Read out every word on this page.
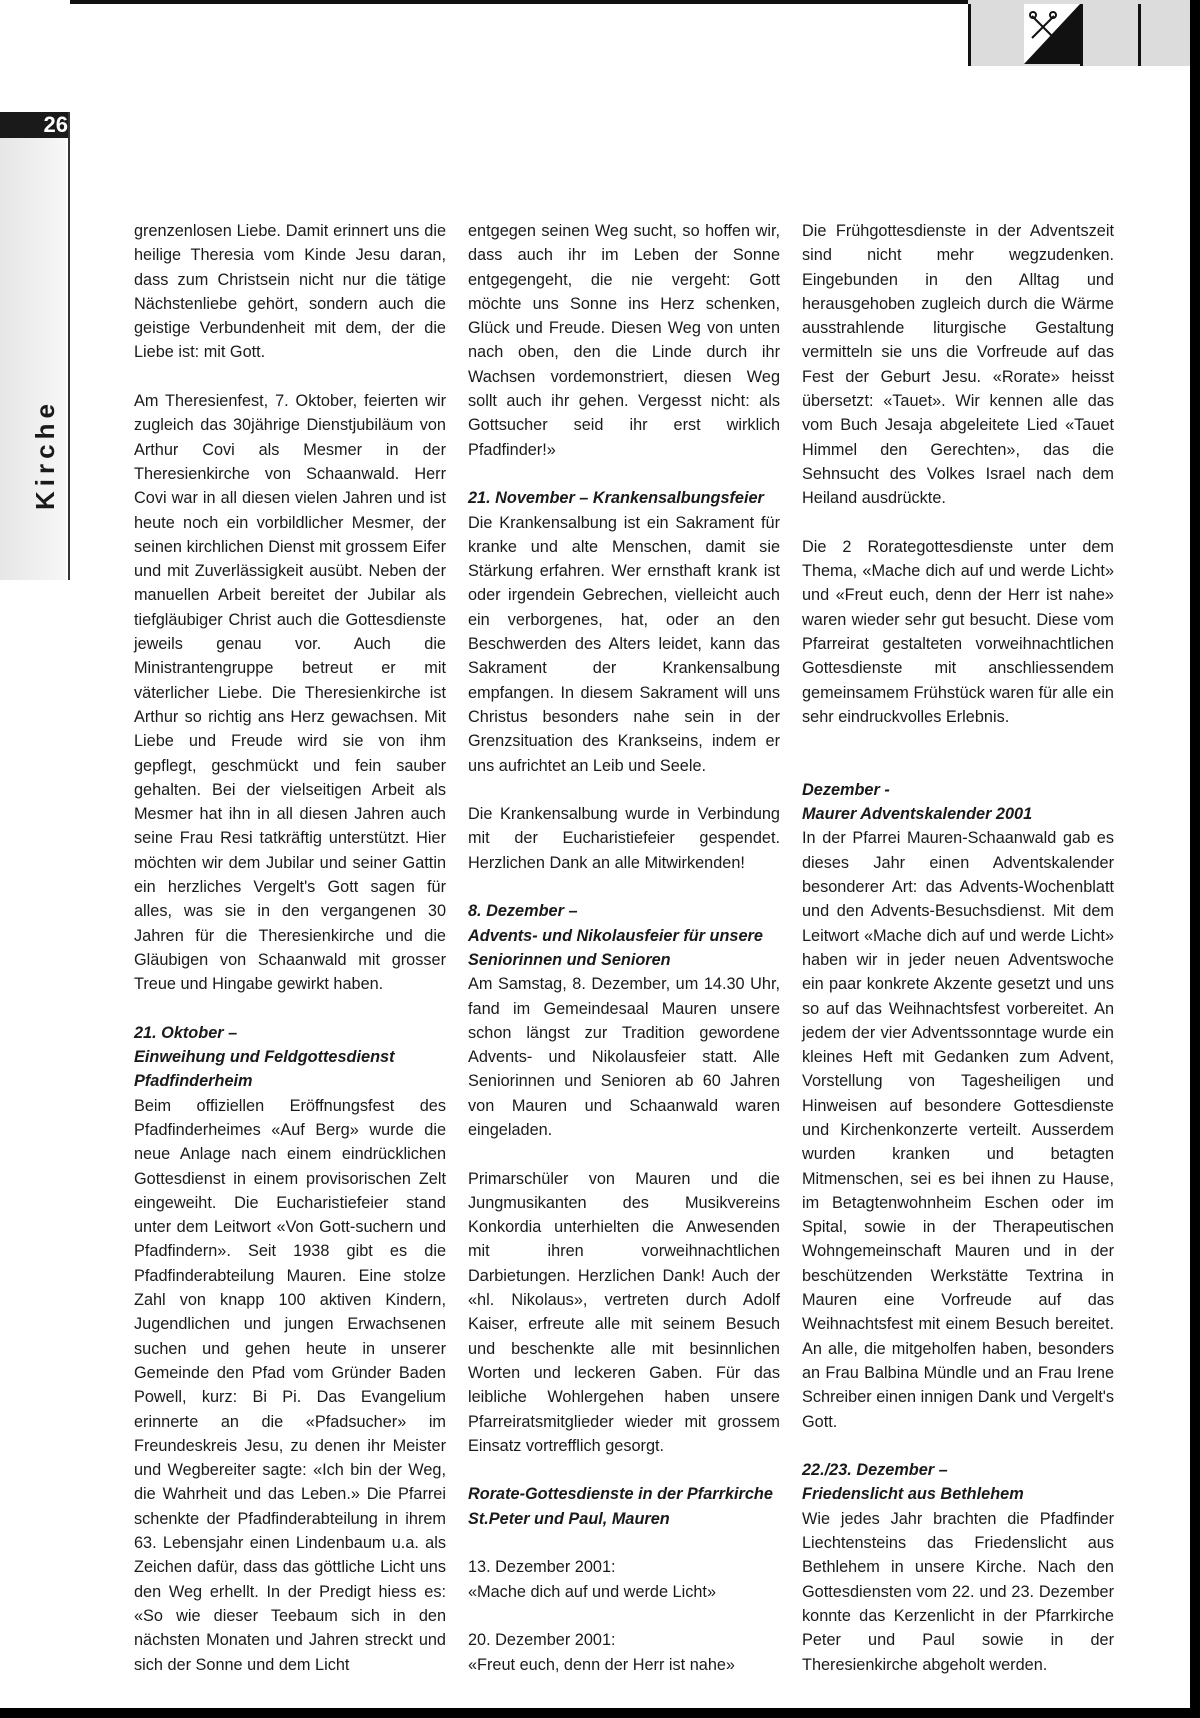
26
Kirche

grenzenlosen Liebe. Damit erinnert uns die heilige Theresia vom Kinde Jesu daran, dass zum Christsein nicht nur die tätige Nächstenliebe gehört, sondern auch die geistige Verbundenheit mit dem, der die Liebe ist: mit Gott.

Am Theresienfest, 7. Oktober, feierten wir zugleich das 30jährige Dienstjubiläum von Arthur Covi als Mesmer in der Theresienkirche von Schaanwald. Herr Covi war in all diesen vielen Jahren und ist heute noch ein vorbildlicher Mesmer, der seinen kirchlichen Dienst mit grossem Eifer und mit Zuverlässigkeit ausübt. Neben der manuellen Arbeit bereitet der Jubilar als tiefgläubiger Christ auch die Gottesdienste jeweils genau vor. Auch die Ministrantengruppe betreut er mit väterlicher Liebe. Die Theresienkirche ist Arthur so richtig ans Herz gewachsen. Mit Liebe und Freude wird sie von ihm gepflegt, geschmückt und fein sauber gehalten. Bei der vielseitigen Arbeit als Mesmer hat ihn in all diesen Jahren auch seine Frau Resi tatkräftig unterstützt. Hier möchten wir dem Jubilar und seiner Gattin ein herzliches Vergelt's Gott sagen für alles, was sie in den vergangenen 30 Jahren für die Theresienkirche und die Gläubigen von Schaanwald mit grosser Treue und Hingabe gewirkt haben.

21. Oktober –
Einweihung und Feldgottesdienst Pfadfinderheim

Beim offiziellen Eröffnungsfest des Pfadfinderheimes «Auf Berg» wurde die neue Anlage nach einem eindrücklichen Gottesdienst in einem provisorischen Zelt eingeweiht. Die Eucharistiefeier stand unter dem Leitwort «Von Gott-suchern und Pfadfindern». Seit 1938 gibt es die Pfadfinderabteilung Mauren. Eine stolze Zahl von knapp 100 aktiven Kindern, Jugendlichen und jungen Erwachsenen suchen und gehen heute in unserer Gemeinde den Pfad vom Gründer Baden Powell, kurz: Bi Pi. Das Evangelium erinnerte an die «Pfadsucher» im Freundeskreis Jesu, zu denen ihr Meister und Wegbereiter sagte: «Ich bin der Weg, die Wahrheit und das Leben.» Die Pfarrei schenkte der Pfadfinderabteilung in ihrem 63. Lebensjahr einen Lindenbaum u.a. als Zeichen dafür, dass das göttliche Licht uns den Weg erhellt. In der Predigt hiess es: «So wie dieser Teebaum sich in den nächsten Monaten und Jahren streckt und sich der Sonne und dem Licht

entgegen seinen Weg sucht, so hoffen wir, dass auch ihr im Leben der Sonne entgegengeht, die nie vergeht: Gott möchte uns Sonne ins Herz schenken, Glück und Freude. Diesen Weg von unten nach oben, den die Linde durch ihr Wachsen vordemonstriert, diesen Weg sollt auch ihr gehen. Vergesst nicht: als Gottsucher seid ihr erst wirklich Pfadfinder!»

21. November – Krankensalbungsfeier

Die Krankensalbung ist ein Sakrament für kranke und alte Menschen, damit sie Stärkung erfahren. Wer ernsthaft krank ist oder irgendein Gebrechen, vielleicht auch ein verborgenes, hat, oder an den Beschwerden des Alters leidet, kann das Sakrament der Krankensalbung empfangen. In diesem Sakrament will uns Christus besonders nahe sein in der Grenzsituation des Krankseins, indem er uns aufrichtet an Leib und Seele.

Die Krankensalbung wurde in Verbindung mit der Eucharistiefeier gespendet. Herzlichen Dank an alle Mitwirkenden!

8. Dezember –
Advents- und Nikolausfeier für unsere Seniorinnen und Senioren

Am Samstag, 8. Dezember, um 14.30 Uhr, fand im Gemeindesaal Mauren unsere schon längst zur Tradition gewordene Advents- und Nikolausfeier statt. Alle Seniorinnen und Senioren ab 60 Jahren von Mauren und Schaanwald waren eingeladen.

Primarschüler von Mauren und die Jungmusikanten des Musikvereins Konkordia unterhielten die Anwesenden mit ihren vorweihnachtlichen Darbietungen. Herzlichen Dank! Auch der «hl. Nikolaus», vertreten durch Adolf Kaiser, erfreute alle mit seinem Besuch und beschenkte alle mit besinnlichen Worten und leckeren Gaben. Für das leibliche Wohlergehen haben unsere Pfarreiratsmitglieder wieder mit grossem Einsatz vortrefflich gesorgt.

Rorate-Gottesdienste in der Pfarrkirche St.Peter und Paul, Mauren

13. Dezember 2001:

«Mache dich auf und werde Licht»

20. Dezember 2001:

«Freut euch, denn der Herr ist nahe»

Die Frühgottesdienste in der Adventszeit sind nicht mehr wegzudenken. Eingebunden in den Alltag und herausgehoben zugleich durch die Wärme ausstrahlende liturgische Gestaltung vermitteln sie uns die Vorfreude auf das Fest der Geburt Jesu. «Rorate» heisst übersetzt: «Tauet». Wir kennen alle das vom Buch Jesaja abgeleitete Lied «Tauet Himmel den Gerechten», das die Sehnsucht des Volkes Israel nach dem Heiland ausdrückte.

Die 2 Rorategottesdienste unter dem Thema, «Mache dich auf und werde Licht» und «Freut euch, denn der Herr ist nahe» waren wieder sehr gut besucht. Diese vom Pfarreirat gestalteten vorweihnachtlichen Gottesdienste mit anschliessendem gemeinsamem Frühstück waren für alle ein sehr eindruckvolles Erlebnis.

Dezember -
Maurer Adventskalender 2001

In der Pfarrei Mauren-Schaanwald gab es dieses Jahr einen Adventskalender besonderer Art: das Advents-Wochenblatt und den Advents-Besuchsdienst. Mit dem Leitwort «Mache dich auf und werde Licht» haben wir in jeder neuen Adventswoche ein paar konkrete Akzente gesetzt und uns so auf das Weihnachtsfest vorbereitet. An jedem der vier Adventssonntage wurde ein kleines Heft mit Gedanken zum Advent, Vorstellung von Tagesheiligen und Hinweisen auf besondere Gottesdienste und Kirchenkonzerte verteilt. Ausserdem wurden kranken und betagten Mitmenschen, sei es bei ihnen zu Hause, im Betagtenwohnheim Eschen oder im Spital, sowie in der Therapeutischen Wohngemeinschaft Mauren und in der beschützenden Werkstätte Textrina in Mauren eine Vorfreude auf das Weihnachtsfest mit einem Besuch bereitet. An alle, die mitgeholfen haben, besonders an Frau Balbina Mündle und an Frau Irene Schreiber einen innigen Dank und Vergelt's Gott.

22./23. Dezember –
Friedenslicht aus Bethlehem

Wie jedes Jahr brachten die Pfadfinder Liechtensteins das Friedenslicht aus Bethlehem in unsere Kirche. Nach den Gottesdiensten vom 22. und 23. Dezember konnte das Kerzenlicht in der Pfarrkirche Peter und Paul sowie in der Theresienkirche abgeholt werden.
